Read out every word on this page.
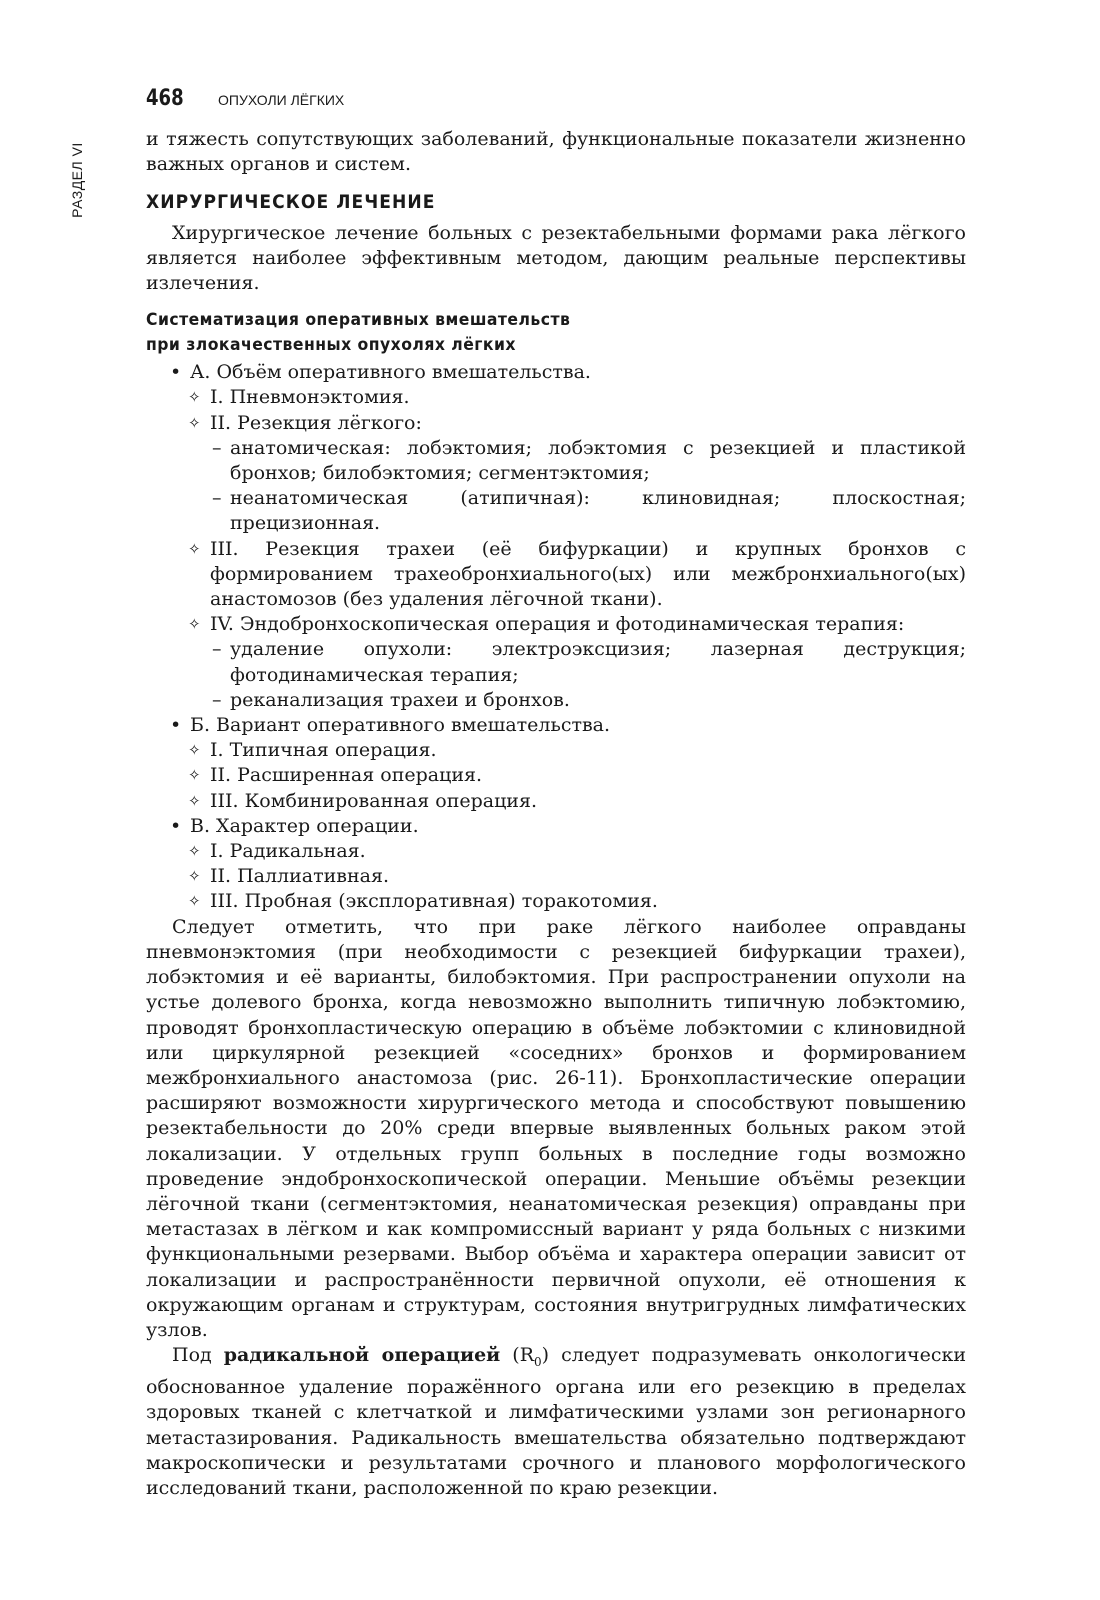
РАЗДЕЛ VI
468 ОПУХОЛИ ЛЁГКИХ

и тяжесть сопутствующих заболеваний, функциональные показатели жизненно важных органов и систем.

ХИРУРГИЧЕСКОЕ ЛЕЧЕНИЕ

Хирургическое лечение больных с резектабельными формами рака лёгкого является наиболее эффективным методом, дающим реальные перспективы излечения.

Систематизация оперативных вмешательств
при злокачественных опухолях лёгких

• А. Объём оперативного вмешательства.

✧ I. Пневмонэктомия.

✧ II. Резекция лёгкого:

– анатомическая: лобэктомия; лобэктомия с резекцией и пластикой бронхов; билобэктомия; сегментэктомия;

– неанатомическая (атипичная): клиновидная; плоскостная; прецизионная.

✧ III. Резекция трахеи (её бифуркации) и крупных бронхов с формированием трахеобронхиального(ых) или межбронхиального(ых) анастомозов (без удаления лёгочной ткани).

✧ IV. Эндобронхоскопическая операция и фотодинамическая терапия:

– удаление опухоли: электроэксцизия; лазерная деструкция; фотодинамическая терапия;

– реканализация трахеи и бронхов.

• Б. Вариант оперативного вмешательства.

✧ I. Типичная операция.

✧ II. Расширенная операция.

✧ III. Комбинированная операция.

• В. Характер операции.

✧ I. Радикальная.

✧ II. Паллиативная.

✧ III. Пробная (эксплоративная) торакотомия.

Следует отметить, что при раке лёгкого наиболее оправданы пневмонэктомия (при необходимости с резекцией бифуркации трахеи), лобэктомия и её варианты, билобэктомия. При распространении опухоли на устье долевого бронха, когда невозможно выполнить типичную лобэктомию, проводят бронхопластическую операцию в объёме лобэктомии с клиновидной или циркулярной резекцией «соседних» бронхов и формированием межбронхиального анастомоза (рис. 26-11). Бронхопластические операции расширяют возможности хирургического метода и способствуют повышению резектабельности до 20% среди впервые выявленных больных раком этой локализации. У отдельных групп больных в последние годы возможно проведение эндобронхоскопической операции. Меньшие объёмы резекции лёгочной ткани (сегментэктомия, неанатомическая резекция) оправданы при метастазах в лёгком и как компромиссный вариант у ряда больных с низкими функциональными резервами. Выбор объёма и характера операции зависит от локализации и распространённости первичной опухоли, её отношения к окружающим органам и структурам, состояния внутригрудных лимфатических узлов.

Под радикальной операцией $(R_0)$ следует подразумевать онкологически обоснованное удаление поражённого органа или его резекцию в пределах здоровых тканей с клетчаткой и лимфатическими узлами зон регионарного метастазирования. Радикальность вмешательства обязательно подтверждают макроскопически и результатами срочного и планового морфологического исследований ткани, расположенной по краю резекции.
